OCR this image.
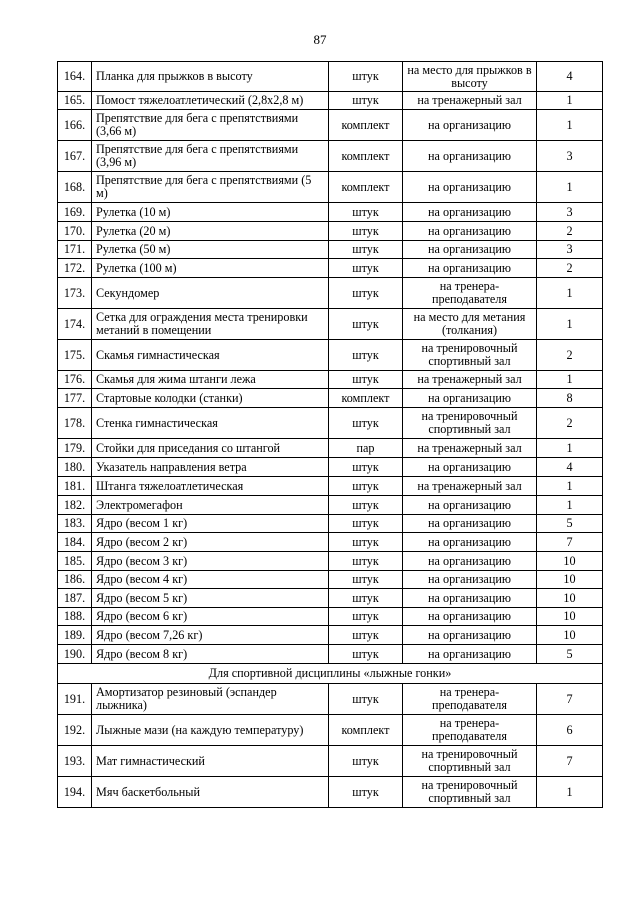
87
164.	Планка для прыжков в высоту	штук	на место для прыжков в высоту	4
165.	Помост тяжелоатлетический (2,8х2,8 м)	штук	на тренажерный зал	1
166.	Препятствие для бега с препятствиями (3,66 м)	комплект	на организацию	1
167.	Препятствие для бега с препятствиями (3,96 м)	комплект	на организацию	3
168.	Препятствие для бега с препятствиями (5 м)	комплект	на организацию	1
169.	Рулетка (10 м)	штук	на организацию	3
170.	Рулетка (20 м)	штук	на организацию	2
171.	Рулетка (50 м)	штук	на организацию	3
172.	Рулетка (100 м)	штук	на организацию	2
173.	Секундомер	штук	на тренера-преподавателя	1
174.	Сетка для ограждения места тренировки метаний в помещении	штук	на место для метания (толкания)	1
175.	Скамья гимнастическая	штук	на тренировочный спортивный зал	2
176.	Скамья для жима штанги лежа	штук	на тренажерный зал	1
177.	Стартовые колодки (станки)	комплект	на организацию	8
178.	Стенка гимнастическая	штук	на тренировочный спортивный зал	2
179.	Стойки для приседания со штангой	пар	на тренажерный зал	1
180.	Указатель направления ветра	штук	на организацию	4
181.	Штанга тяжелоатлетическая	штук	на тренажерный зал	1
182.	Электромегафон	штук	на организацию	1
183.	Ядро (весом 1 кг)	штук	на организацию	5
184.	Ядро (весом 2 кг)	штук	на организацию	7
185.	Ядро (весом 3 кг)	штук	на организацию	10
186.	Ядро (весом 4 кг)	штук	на организацию	10
187.	Ядро (весом 5 кг)	штук	на организацию	10
188.	Ядро (весом 6 кг)	штук	на организацию	10
189.	Ядро (весом 7,26 кг)	штук	на организацию	10
190.	Ядро (весом 8 кг)	штук	на организацию	5
Для спортивной дисциплины «лыжные гонки»				
191.	Амортизатор резиновый (эспандер лыжника)	штук	на тренера-преподавателя	7
192.	Лыжные мази (на каждую температуру)	комплект	на тренера-преподавателя	6
193.	Мат гимнастический	штук	на тренировочный спортивный зал	7
194.	Мяч баскетбольный	штук	на тренировочный спортивный зал	1
